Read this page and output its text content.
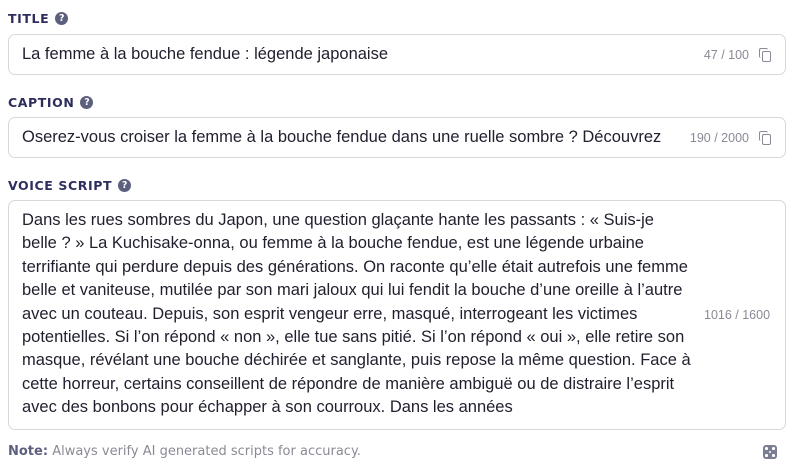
TITLE	?
La femme à la bouche fendue : légende japonaise	47 / 100
CAPTION	?
Oserez-vous croiser la femme à la bouche fendue dans une ruelle sombre ? Découvrez	190 / 2000
VOICE SCRIPT	?
Dans les rues sombres du Japon, une question glaçante hante les passants : « Suis-je belle ? » La Kuchisake-onna, ou femme à la bouche fendue, est une légende urbaine terrifiante qui perdure depuis des générations. On raconte qu’elle était autrefois une femme belle et vaniteuse, mutilée par son mari jaloux qui lui fendit la bouche d’une oreille à l’autre avec un couteau. Depuis, son esprit vengeur erre, masqué, interrogeant les victimes potentielles. Si l’on répond « non », elle tue sans pitié. Si l’on répond « oui », elle retire son masque, révélant une bouche déchirée et sanglante, puis repose la même question. Face à cette horreur, certains conseillent de répondre de manière ambiguë ou de distraire l’esprit avec des bonbons pour échapper à son courroux. Dans les années
1016 / 1600
Note: Always verify AI generated scripts for accuracy.
